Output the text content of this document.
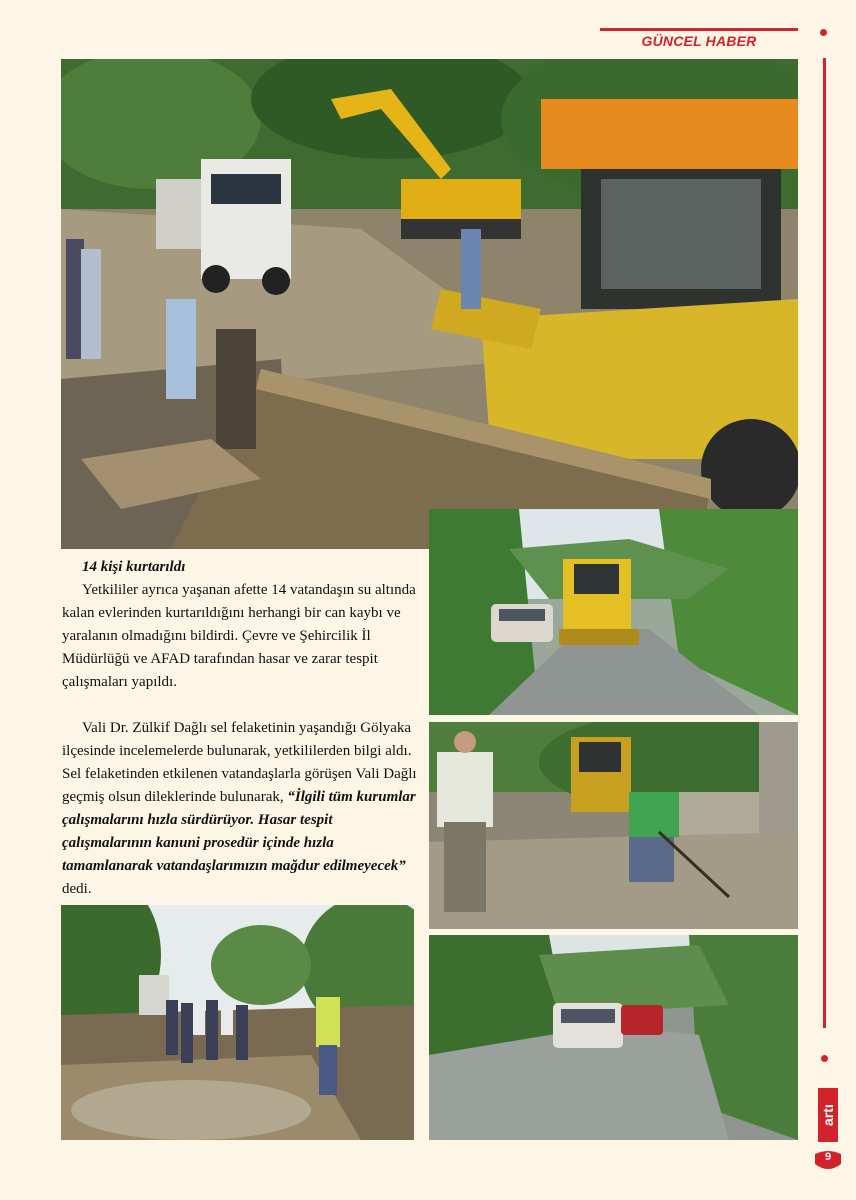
GÜNCEL HABER
14 kişi kurtarıldı

Yetkililer ayrıca yaşanan afette 14 vatandaşın su altında kalan evlerinden kurtarıldığını herhangi bir can kaybı ve yaralanın olmadığını bildirdi. Çevre ve Şehircilik İl Müdürlüğü ve AFAD tarafından hasar ve zarar tespit çalışmaları yapıldı.

Vali Dr. Zülkif Dağlı sel felaketinin yaşandığı Gölyaka ilçesinde incelemelerde bulunarak, yetkililerden bilgi aldı. Sel felaketinden etkilenen vatandaşlarla görüşen Vali Dağlı geçmiş olsun dileklerinde bulunarak, “İlgili tüm kurumlar çalışmalarını hızla sürdürüyor. Hasar tespit çalışmalarının kanuni prosedür içinde hızla tamamlanarak vatandaşlarımızın mağdur edilmeyecek” dedi.

artı
9
